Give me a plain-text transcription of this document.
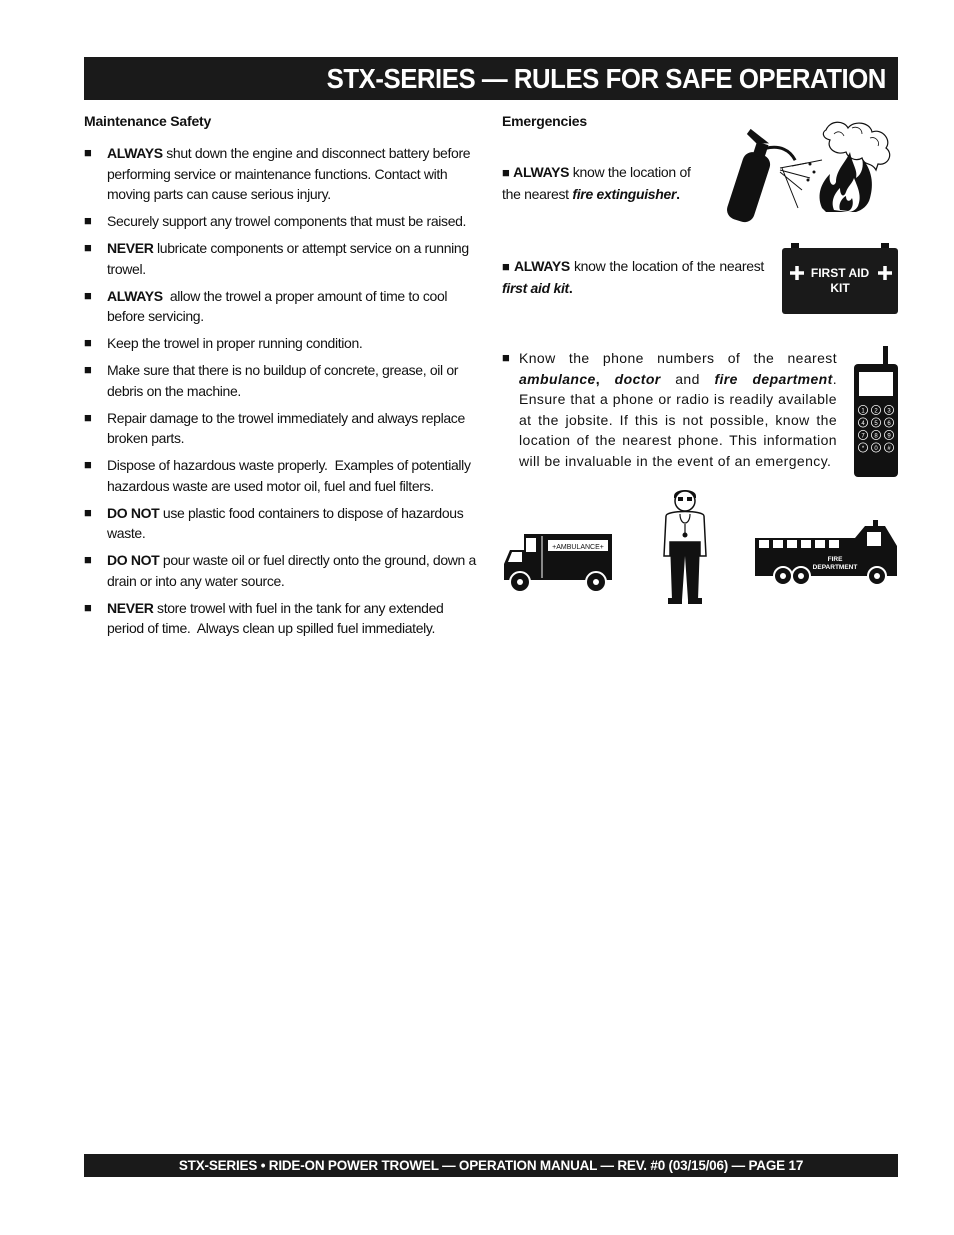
STX-SERIES — RULES FOR SAFE OPERATION
Maintenance Safety
■	ALWAYS shut down the engine and disconnect battery before performing service or maintenance functions. Contact with moving parts can cause serious injury.
■	Securely support any trowel components that must be raised.
■	NEVER lubricate components or attempt service on a running trowel.
■	ALWAYS  allow the trowel a proper amount of time to cool before servicing.
■	Keep the trowel in proper running condition.
■	Make sure that there is no buildup of concrete, grease, oil or debris on the machine.
■	Repair damage to the trowel immediately and always replace broken parts.
■	Dispose of hazardous waste properly.  Examples of potentially hazardous waste are used motor oil, fuel and fuel filters.
■	DO NOT use plastic food containers to dispose of hazardous waste.
■	DO NOT pour waste oil or fuel directly onto the ground, down a drain or into any water source.
■	NEVER store trowel with fuel in the tank for any extended period of time.  Always clean up spilled fuel immediately.
Emergencies
■ ALWAYS know the location of the nearest fire extinguisher.
■ ALWAYS know the location of the nearest first aid kit.
FIRST AID
KIT
■ Know the phone numbers of the nearest ambulance, doctor and fire department. Ensure that a phone or radio is readily available at the jobsite. If this is not possible, know the location of the nearest phone. This information will be invaluable in the event of an emergency.
1 2 3
4 5 6
7 8 9
* 0 #
+AMBULANCE+
FIRE
DEPARTMENT
STX-SERIES • RIDE-ON POWER TROWEL — OPERATION MANUAL — REV. #0 (03/15/06) — PAGE 17
